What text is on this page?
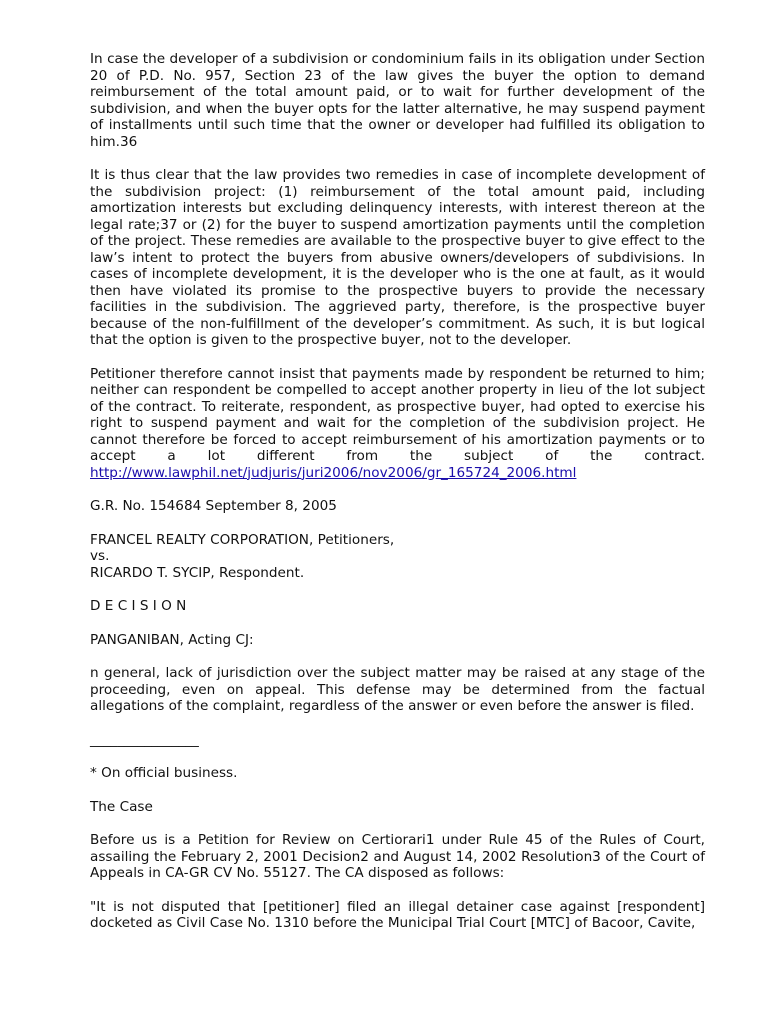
In case the developer of a subdivision or condominium fails in its obligation under Section 20 of P.D. No. 957, Section 23 of the law gives the buyer the option to demand reimbursement of the total amount paid, or to wait for further development of the subdivision, and when the buyer opts for the latter alternative, he may suspend payment of installments until such time that the owner or developer had fulfilled its obligation to him.36

It is thus clear that the law provides two remedies in case of incomplete development of the subdivision project: (1) reimbursement of the total amount paid, including amortization interests but excluding delinquency interests, with interest thereon at the legal rate;37 or (2) for the buyer to suspend amortization payments until the completion of the project. These remedies are available to the prospective buyer to give effect to the law’s intent to protect the buyers from abusive owners/developers of subdivisions. In cases of incomplete development, it is the developer who is the one at fault, as it would then have violated its promise to the prospective buyers to provide the necessary facilities in the subdivision. The aggrieved party, therefore, is the prospective buyer because of the non-fulfillment of the developer’s commitment. As such, it is but logical that the option is given to the prospective buyer, not to the developer.

Petitioner therefore cannot insist that payments made by respondent be returned to him; neither can respondent be compelled to accept another property in lieu of the lot subject of the contract. To reiterate, respondent, as prospective buyer, had opted to exercise his right to suspend payment and wait for the completion of the subdivision project. He cannot therefore be forced to accept reimbursement of his amortization payments or to accept a lot different from the subject of the contract. http://www.lawphil.net/judjuris/juri2006/nov2006/gr_165724_2006.html

G.R. No. 154684 September 8, 2005

FRANCEL REALTY CORPORATION, Petitioners,
vs.
RICARDO T. SYCIP, Respondent.

D E C I S I O N

PANGANIBAN, Acting CJ:

n general, lack of jurisdiction over the subject matter may be raised at any stage of the proceeding, even on appeal. This defense may be determined from the factual allegations of the complaint, regardless of the answer or even before the answer is filed.

________________

* On official business.

The Case

Before us is a Petition for Review on Certiorari1 under Rule 45 of the Rules of Court, assailing the February 2, 2001 Decision2 and August 14, 2002 Resolution3 of the Court of Appeals in CA-GR CV No. 55127. The CA disposed as follows:

"It is not disputed that [petitioner] filed an illegal detainer case against [respondent] docketed as Civil Case No. 1310 before the Municipal Trial Court [MTC] of Bacoor, Cavite,
